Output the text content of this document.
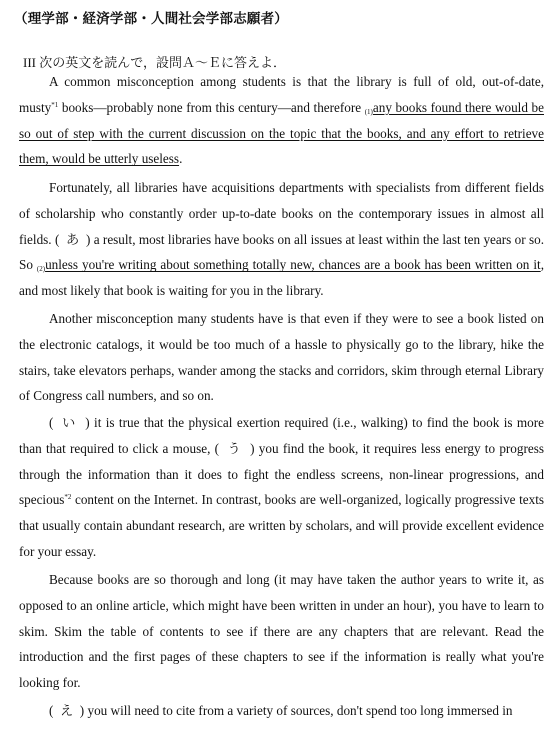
（理学部・経済学部・人間社会学部志願者）
III 次の英文を読んで，設問Ａ～Ｅに答えよ．

A common misconception among students is that the library is full of old, out-of-date, musty$^{*1}$ books—probably none from this century—and therefore $_{(1)}$any books found there would be so out of step with the current discussion on the topic that the books, and any effort to retrieve them, would be utterly useless.

Fortunately, all libraries have acquisitions departments with specialists from different fields of scholarship who constantly order up-to-date books on the contemporary issues in almost all fields. (  あ  ) a result, most libraries have books on all issues at least within the last ten years or so. So $_{(2)}$unless you're writing about something totally new, chances are a book has been written on it, and most likely that book is waiting for you in the library.

Another misconception many students have is that even if they were to see a book listed on the electronic catalogs, it would be too much of a hassle to physically go to the library, hike the stairs, take elevators perhaps, wander among the stacks and corridors, skim through eternal Library of Congress call numbers, and so on.

(  い  ) it is true that the physical exertion required (i.e., walking) to find the book is more than that required to click a mouse, (  う  ) you find the book, it requires less energy to progress through the information than it does to fight the endless screens, non-linear progressions, and specious$^{*2}$ content on the Internet. In contrast, books are well-organized, logically progressive texts that usually contain abundant research, are written by scholars, and will provide excellent evidence for your essay.

Because books are so thorough and long (it may have taken the author years to write it, as opposed to an online article, which might have been written in under an hour), you have to learn to skim. Skim the table of contents to see if there are any chapters that are relevant. Read the introduction and the first pages of these chapters to see if the information is really what you're looking for.

(  え  ) you will need to cite from a variety of sources, don't spend too long immersed in
